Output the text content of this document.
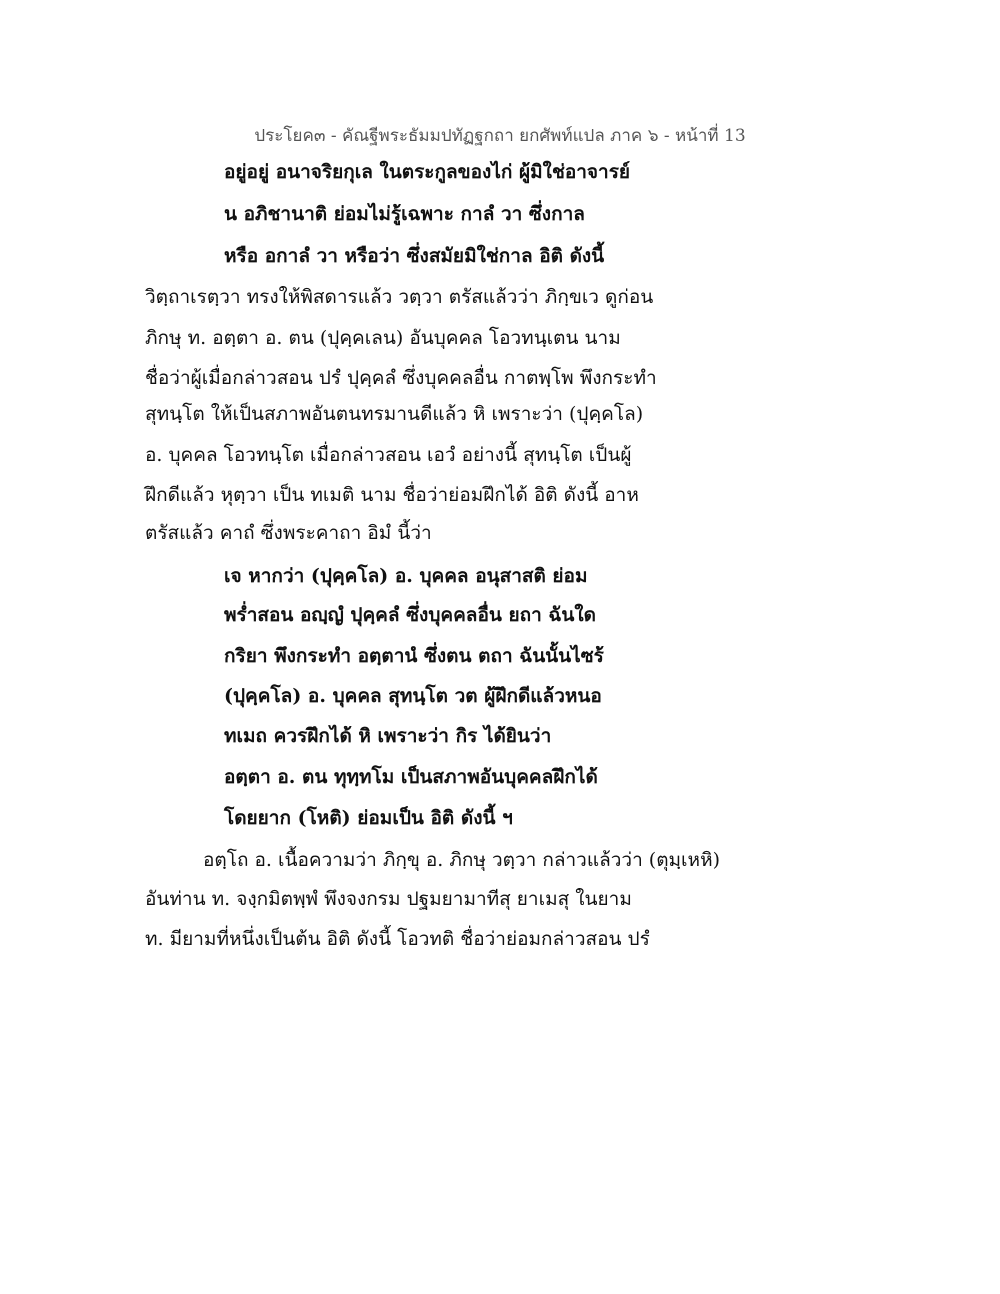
ประโยค๓ - คัณฐีพระธัมมปทัฏฐกถา ยกศัพท์แปล ภาค ๖ - หน้าที่ 13
อยู่อยู่ อนาจริยกุเล ในตระกูลของไก่ ผู้มิใช่อาจารย์
น อภิชานาติ ย่อมไม่รู้เฉพาะ กาลํ วา ซึ่งกาล
หรือ อกาลํ วา หรือว่า ซึ่งสมัยมิใช่กาล อิติ ดังนี้
วิตฺถาเรตฺวา ทรงให้พิสดารแล้ว วตฺวา ตรัสแล้วว่า ภิกฺขเว ดูก่อน
ภิกษุ ท. อตฺตา อ. ตน (ปุคฺคเลน) อันบุคคล โอวทนฺเตน นาม
ชื่อว่าผู้เมื่อกล่าวสอน ปรํ ปุคฺคลํ ซึ่งบุคคลอื่น กาตพฺโพ พึงกระทำ
สุทนฺโต ให้เป็นสภาพอันตนทรมานดีแล้ว หิ เพราะว่า (ปุคฺคโล)
อ. บุคคล โอวทนฺโต เมื่อกล่าวสอน เอวํ อย่างนี้ สุทนฺโต เป็นผู้
ฝึกดีแล้ว หุตฺวา เป็น ทเมติ นาม ชื่อว่าย่อมฝึกได้ อิติ ดังนี้ อาห
ตรัสแล้ว คาถํ ซึ่งพระคาถา อิมํ นี้ว่า
เจ หากว่า (ปุคฺคโล) อ. บุคคล อนุสาสติ ย่อม
พร่ำสอน อญฺญํ ปุคฺคลํ ซึ่งบุคคลอื่น ยถา ฉันใด
กริยา พึงกระทำ อตฺตานํ ซึ่งตน ตถา ฉันนั้นไซร้
(ปุคฺคโล) อ. บุคคล สุทนฺโต วต ผู้ฝึกดีแล้วหนอ
ทเมถ ควรฝึกได้ หิ เพราะว่า กิร ได้ยินว่า
อตฺตา อ. ตน ทุทฺทโม เป็นสภาพอันบุคคลฝึกได้
โดยยาก (โหติ) ย่อมเป็น อิติ ดังนี้ ฯ
อตฺโถ อ. เนื้อความว่า ภิกฺขุ อ. ภิกษุ วตฺวา กล่าวแล้วว่า (ตุมฺเหหิ)
อันท่าน ท. จงฺกมิตพฺพํ พึงจงกรม ปฐมยามาทีสุ ยาเมสุ ในยาม
ท. มียามที่หนึ่งเป็นต้น อิติ ดังนี้ โอวทติ ชื่อว่าย่อมกล่าวสอน ปรํ
